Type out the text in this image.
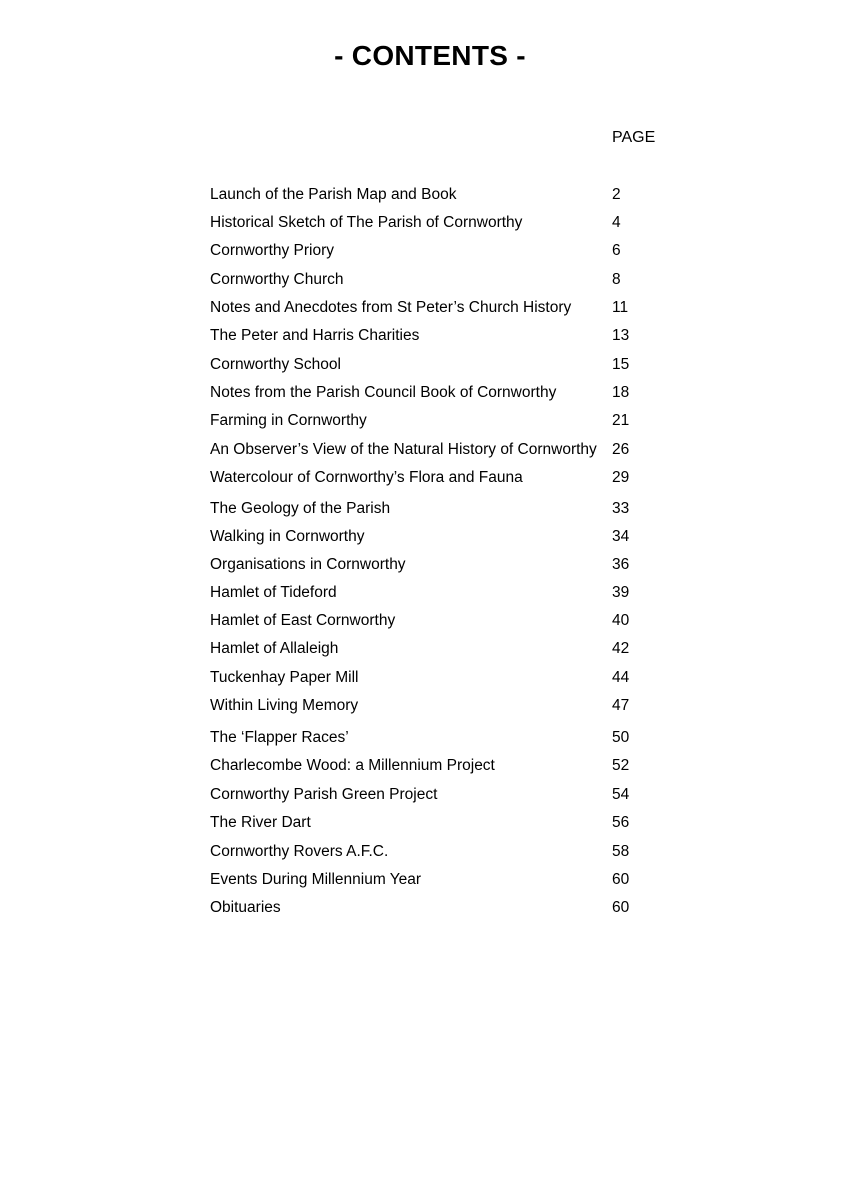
- CONTENTS -
PAGE
Launch of the Parish Map and Book	2
Historical Sketch of The Parish of Cornworthy	4
Cornworthy Priory	6
Cornworthy Church	8
Notes and Anecdotes from St Peter’s Church History	11
The Peter and Harris Charities	13
Cornworthy School	15
Notes from the Parish Council Book of Cornworthy	18
Farming in Cornworthy	21
An Observer’s View of the Natural History of Cornworthy 26
Watercolour of Cornworthy’s Flora and Fauna	29
The Geology of the Parish	33
Walking in Cornworthy	34
Organisations in Cornworthy	36
Hamlet of Tideford	39
Hamlet of East Cornworthy	40
Hamlet of Allaleigh	42
Tuckenhay Paper Mill	44
Within Living Memory	47
The ‘Flapper Races’	50
Charlecombe Wood: a Millennium Project	52
Cornworthy Parish Green Project	54
The River Dart	56
Cornworthy Rovers A.F.C.	58
Events During Millennium Year	60
Obituaries	60
